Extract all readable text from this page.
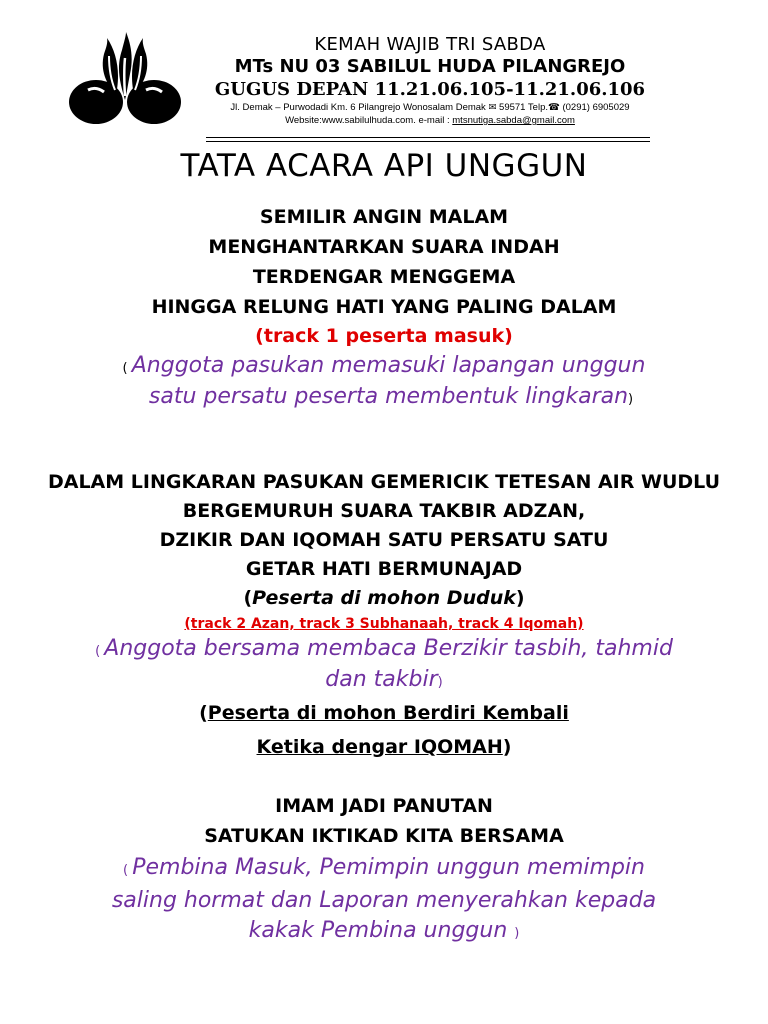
KEMAH WAJIB TRI SABDA
MTs NU 03 SABILUL HUDA PILANGREJO
GUGUS DEPAN 11.21.06.105-11.21.06.106
Jl. Demak – Purwodadi Km. 6 Pilangrejo Wonosalam Demak ✉ 59571 Telp.☎ (0291) 6905029
Website:www.sabilulhuda.com. e-mail : mtsnutiga.sabda@gmail.com
TATA ACARA API UNGGUN
SEMILIR ANGIN MALAM
MENGHANTARKAN SUARA INDAH
TERDENGAR MENGGEMA
HINGGA RELUNG HATI YANG PALING DALAM
(track 1 peserta masuk)
( Anggota pasukan memasuki lapangan unggun
satu persatu peserta membentuk lingkaran)
DALAM LINGKARAN PASUKAN GEMERICIK TETESAN AIR WUDLU
BERGEMURUH SUARA TAKBIR ADZAN,
DZIKIR DAN IQOMAH SATU PERSATU SATU
GETAR HATI BERMUNAJAD
(Peserta di mohon Duduk)
(track 2 Azan, track 3 Subhanaah, track 4 Iqomah)
( Anggota bersama membaca Berzikir tasbih, tahmid
dan takbir)
(Peserta di mohon Berdiri Kembali
Ketika dengar IQOMAH)
IMAM JADI PANUTAN
SATUKAN IKTIKAD KITA BERSAMA
( Pembina Masuk, Pemimpin unggun memimpin
saling hormat dan Laporan menyerahkan kepada
kakak Pembina unggun )
